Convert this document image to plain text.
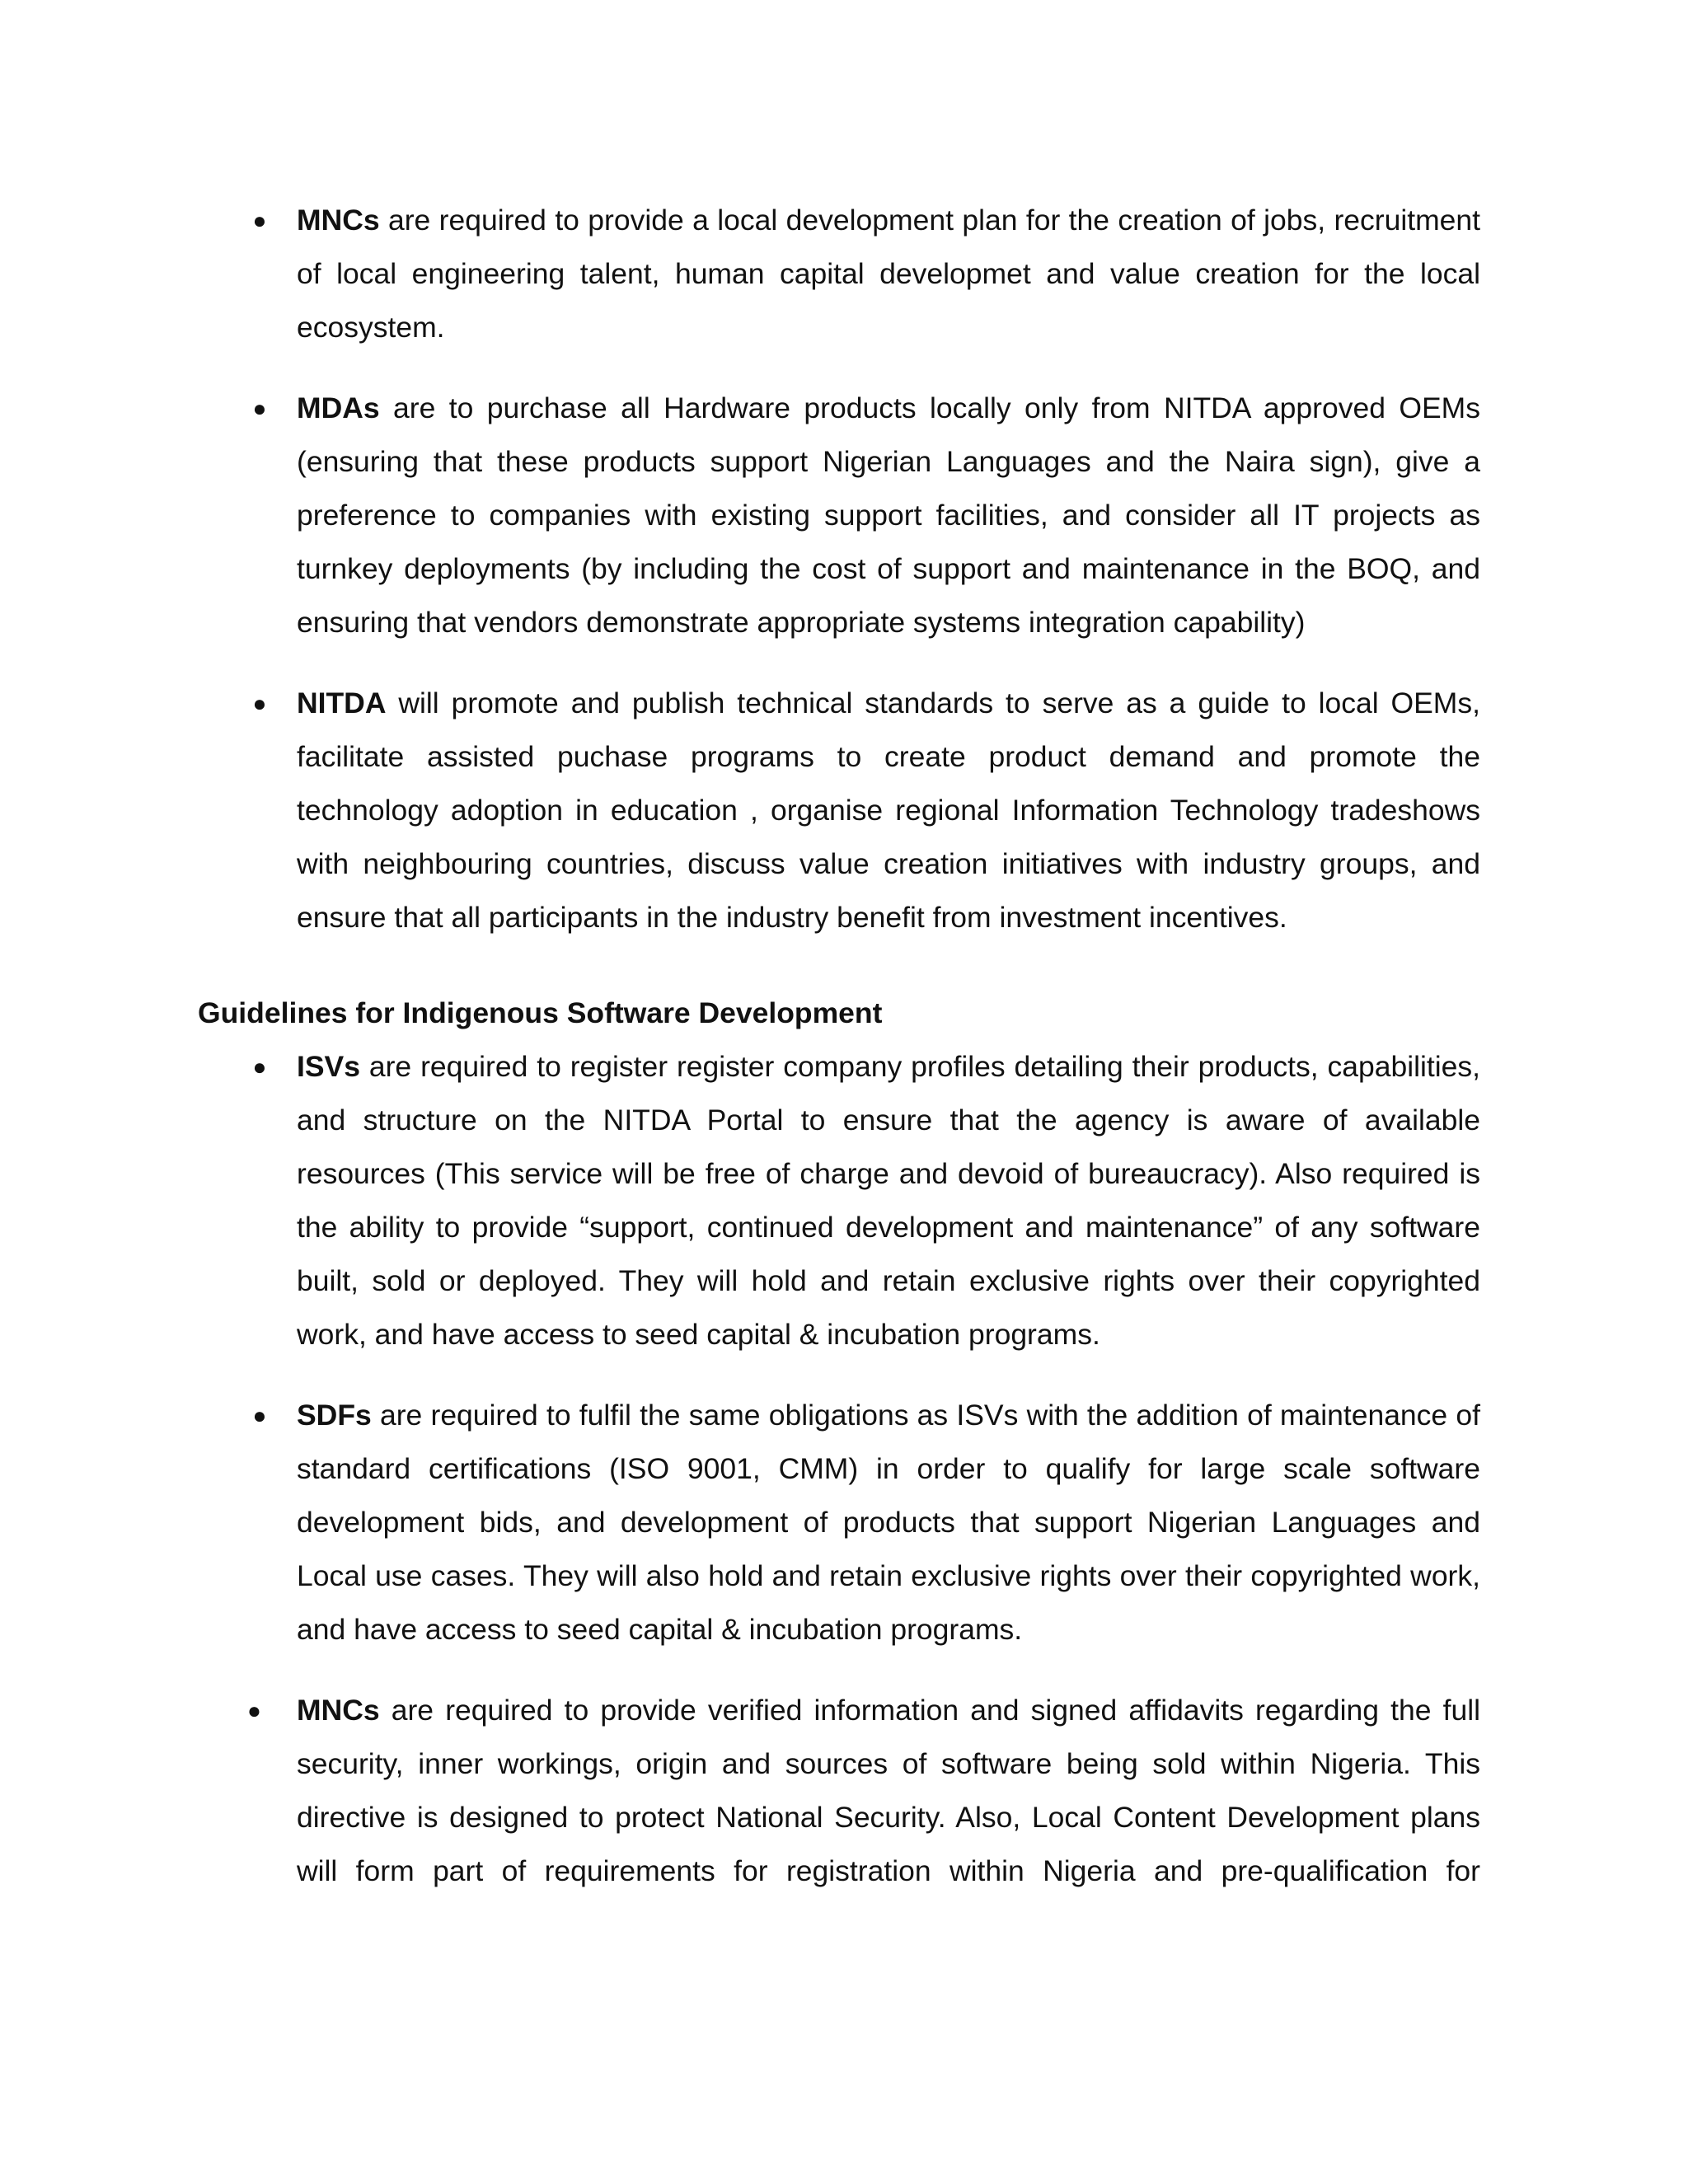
● MNCs are required to provide a local development plan for the creation of jobs, recruitment of local engineering talent, human capital developmet and value creation for the local ecosystem.
● MDAs are to purchase all Hardware products locally only from NITDA approved OEMs (ensuring that these products support Nigerian Languages and the Naira sign), give a preference to companies with existing support facilities, and consider all IT projects as turnkey deployments (by including the cost of support and maintenance in the BOQ, and ensuring that vendors demonstrate appropriate systems integration capability)
● NITDA will promote and publish technical standards to serve as a guide to local OEMs, facilitate assisted puchase programs to create product demand and promote the technology adoption in education , organise regional Information Technology tradeshows with neighbouring countries, discuss value creation initiatives with industry groups, and ensure that all participants in the industry benefit from investment incentives.
Guidelines for Indigenous Software Development
● ISVs are required to register register company profiles detailing their products, capabilities, and structure on the NITDA Portal to ensure that the agency is aware of available resources (This service will be free of charge and devoid of bureaucracy). Also required is the ability to provide “support, continued development and maintenance” of any software built, sold or deployed. They will hold and retain exclusive rights over their copyrighted work, and have access to seed capital & incubation programs.
● SDFs are required to fulfil the same obligations as ISVs with the addition of maintenance of standard certifications (ISO 9001, CMM) in order to qualify for large scale software development bids, and development of products that support Nigerian Languages and Local use cases. They will also hold and retain exclusive rights over their copyrighted work, and have access to seed capital & incubation programs.
●	MNCs are required to provide verified information and signed affidavits regarding the full security, inner workings, origin and sources of software being sold within Nigeria. This directive is designed to protect National Security. Also, Local Content Development plans will form part of requirements for registration within Nigeria and pre-qualification for
